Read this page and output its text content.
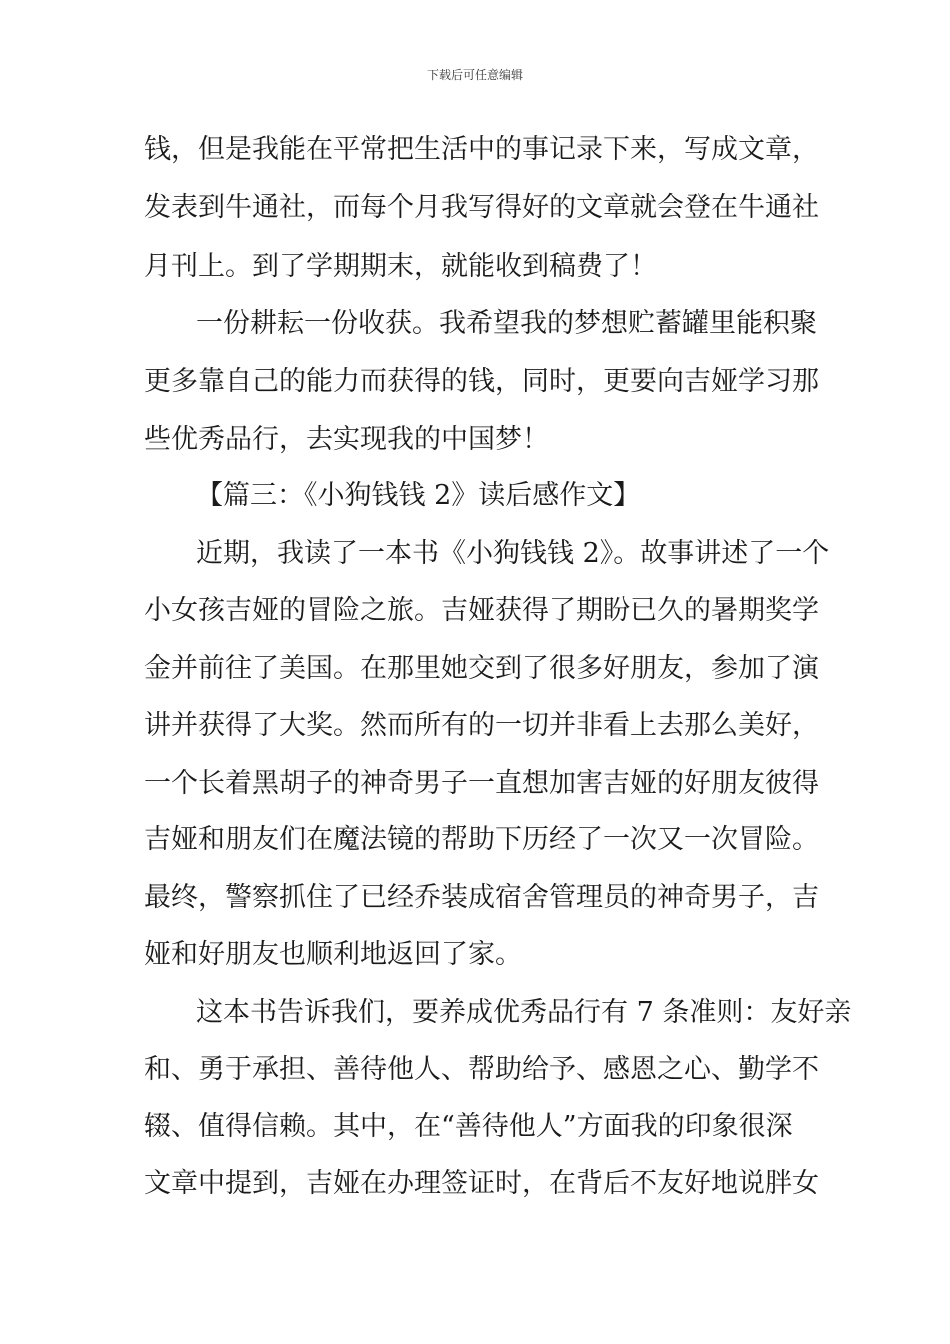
下载后可任意编辑
钱，但是我能在平常把生活中的事记录下来，写成文章，
发表到牛通社，而每个月我写得好的文章就会登在牛通社
月刊上。到了学期期末，就能收到稿费了！
一份耕耘一份收获。我希望我的梦想贮蓄罐里能积聚
更多靠自己的能力而获得的钱，同时，更要向吉娅学习那
些优秀品行，去实现我的中国梦！
【篇三：《小狗钱钱 2》读后感作文】
近期，我读了一本书《小狗钱钱 2》。故事讲述了一个
小女孩吉娅的冒险之旅。吉娅获得了期盼已久的暑期奖学
金并前往了美国。在那里她交到了很多好朋友，参加了演
讲并获得了大奖。然而所有的一切并非看上去那么美好，
一个长着黑胡子的神奇男子一直想加害吉娅的好朋友彼得
吉娅和朋友们在魔法镜的帮助下历经了一次又一次冒险。
最终，警察抓住了已经乔装成宿舍管理员的神奇男子，吉
娅和好朋友也顺利地返回了家。
这本书告诉我们，要养成优秀品行有 7 条准则：友好亲
和、勇于承担、善待他人、帮助给予、感恩之心、勤学不
辍、值得信赖。其中，在“善待他人”方面我的印象很深
文章中提到，吉娅在办理签证时，在背后不友好地说胖女
